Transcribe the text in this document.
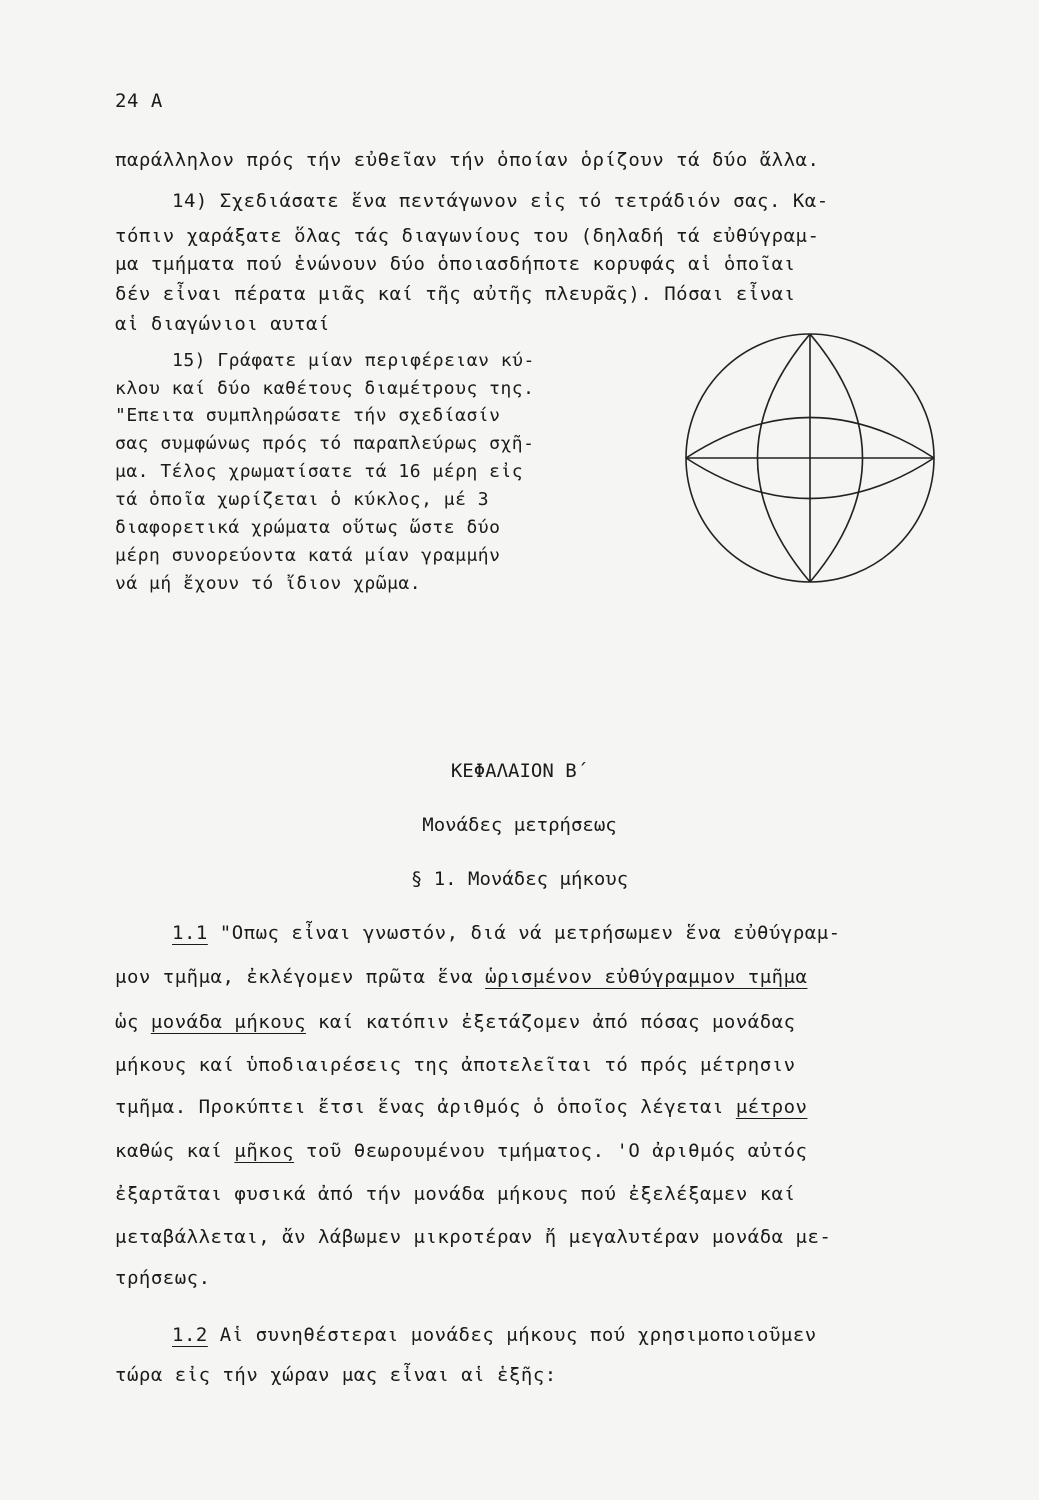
24 Α
παράλληλον πρός τήν εὐθεῖαν τήν ὁποίαν ὁρίζουν τά δύο ἄλλα.
14) Σχεδιάσατε ἕνα πεντάγωνον εἰς τό τετράδιόν σας. Κα-
τόπιν χαράξατε ὅλας τάς διαγωνίους του (δηλαδή τά εὐθύγραμ-
μα τμήματα πού ἑνώνουν δύο ὁποιασδήποτε κορυφάς αἱ ὁποῖαι
δέν εἶναι πέρατα μιᾶς καί τῆς αὐτῆς πλευρᾶς). Πόσαι εἶναι
αἱ διαγώνιοι αυταί
15) Γράφατε μίαν περιφέρειαν κύ-
κλου καί δύο καθέτους διαμέτρους της.
"Επειτα συμπληρώσατε τήν σχεδίασίν
σας συμφώνως πρός τό παραπλεύρως σχῆ-
μα. Τέλος χρωματίσατε τά 16 μέρη εἰς
τά ὁποῖα χωρίζεται ὁ κύκλος, μέ 3
διαφορετικά χρώματα οὕτως ὥστε δύο
μέρη συνορεύοντα κατά μίαν γραμμήν
νά μή ἔχουν τό ἴδιον χρῶμα.
ΚΕΦΑΛΑΙΟΝ Β΄
Μονάδες μετρήσεως
§ 1. Μονάδες μήκους
1.1 "Οπως εἶναι γνωστόν, διά νά μετρήσωμεν ἕνα εὐθύγραμ-
μον τμῆμα, ἐκλέγομεν πρῶτα ἕνα ὡρισμένον εὐθύγραμμον τμῆμα
ὡς μονάδα μήκους καί κατόπιν ἐξετάζομεν ἀπό πόσας μονάδας
μήκους καί ὑποδιαιρέσεις της ἀποτελεῖται τό πρός μέτρησιν
τμῆμα. Προκύπτει ἔτσι ἕνας ἀριθμός ὁ ὁποῖος λέγεται μέτρον
καθώς καί μῆκος τοῦ θεωρουμένου τμήματος. 'Ο ἀριθμός αὐτός
ἐξαρτᾶται φυσικά ἀπό τήν μονάδα μήκους πού ἐξελέξαμεν καί
μεταβάλλεται, ἄν λάβωμεν μικροτέραν ἤ μεγαλυτέραν μονάδα με-
τρήσεως.
1.2 Αἱ συνηθέστεραι μονάδες μήκους πού χρησιμοποιοῦμεν
τώρα εἰς τήν χώραν μας εἶναι αἱ ἑξῆς:
